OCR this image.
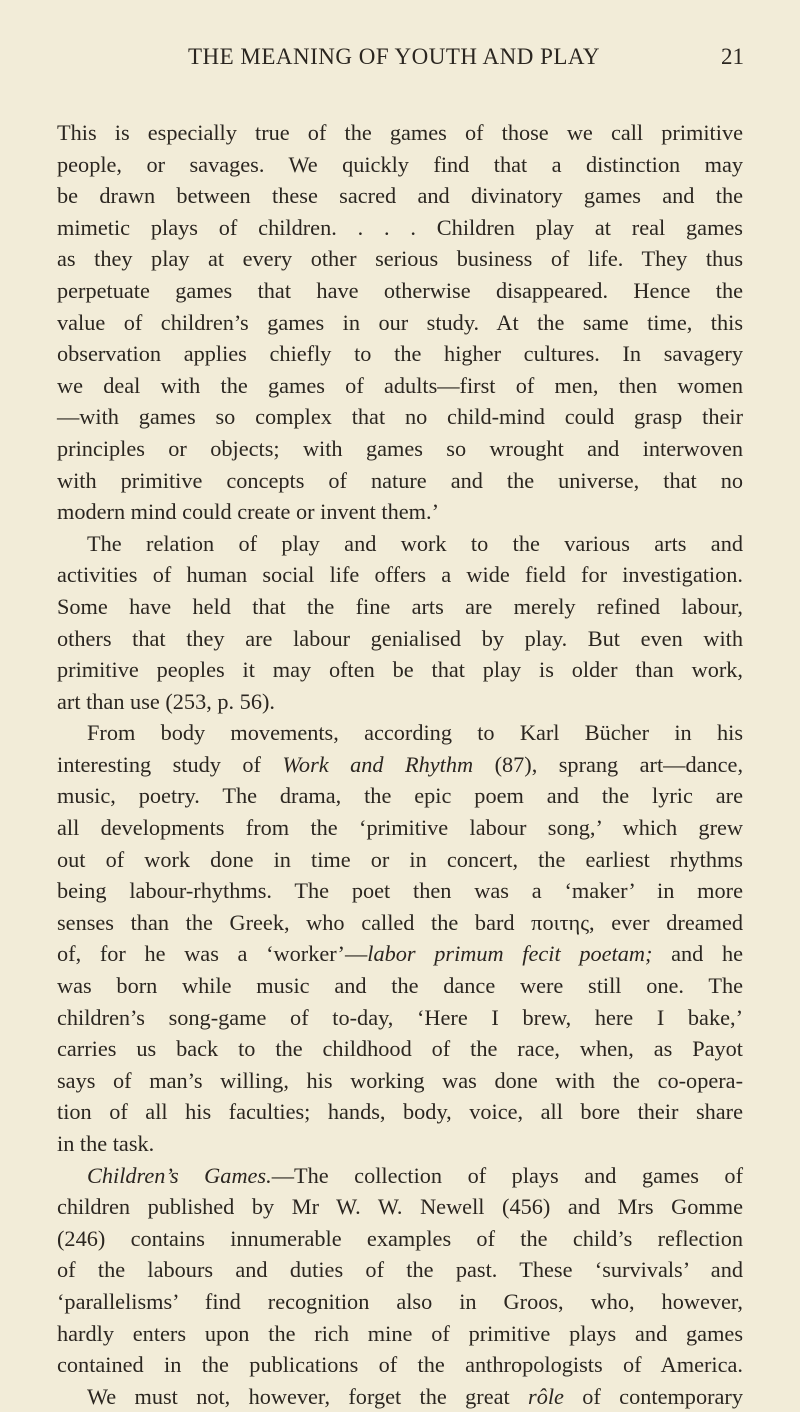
THE MEANING OF YOUTH AND PLAY	21
This is especially true of the games of those we call primitive
people, or savages. We quickly find that a distinction may
be drawn between these sacred and divinatory games and the
mimetic plays of children. . . . Children play at real games
as they play at every other serious business of life. They thus
perpetuate games that have otherwise disappeared. Hence the
value of children’s games in our study. At the same time, this
observation applies chiefly to the higher cultures. In savagery
we deal with the games of adults—first of men, then women
—with games so complex that no child-mind could grasp their
principles or objects; with games so wrought and interwoven
with primitive concepts of nature and the universe, that no
modern mind could create or invent them.’
The relation of play and work to the various arts and
activities of human social life offers a wide field for investigation.
Some have held that the fine arts are merely refined labour,
others that they are labour genialised by play. But even with
primitive peoples it may often be that play is older than work,
art than use (253, p. 56).
From body movements, according to Karl Bücher in his
interesting study of Work and Rhythm (87), sprang art—dance,
music, poetry. The drama, the epic poem and the lyric are
all developments from the ‘primitive labour song,’ which grew
out of work done in time or in concert, the earliest rhythms
being labour-rhythms. The poet then was a ‘maker’ in more
senses than the Greek, who called the bard ποιτης, ever dreamed
of, for he was a ‘worker’—labor primum fecit poetam; and he
was born while music and the dance were still one. The
children’s song-game of to-day, ‘Here I brew, here I bake,’
carries us back to the childhood of the race, when, as Payot
says of man’s willing, his working was done with the co-opera-
tion of all his faculties; hands, body, voice, all bore their share
in the task.
Children’s Games.—The collection of plays and games of
children published by Mr W. W. Newell (456) and Mrs Gomme
(246) contains innumerable examples of the child’s reflection
of the labours and duties of the past. These ‘survivals’ and
‘parallelisms’ find recognition also in Groos, who, however,
hardly enters upon the rich mine of primitive plays and games
contained in the publications of the anthropologists of America.
We must not, however, forget the great rôle of contemporary
